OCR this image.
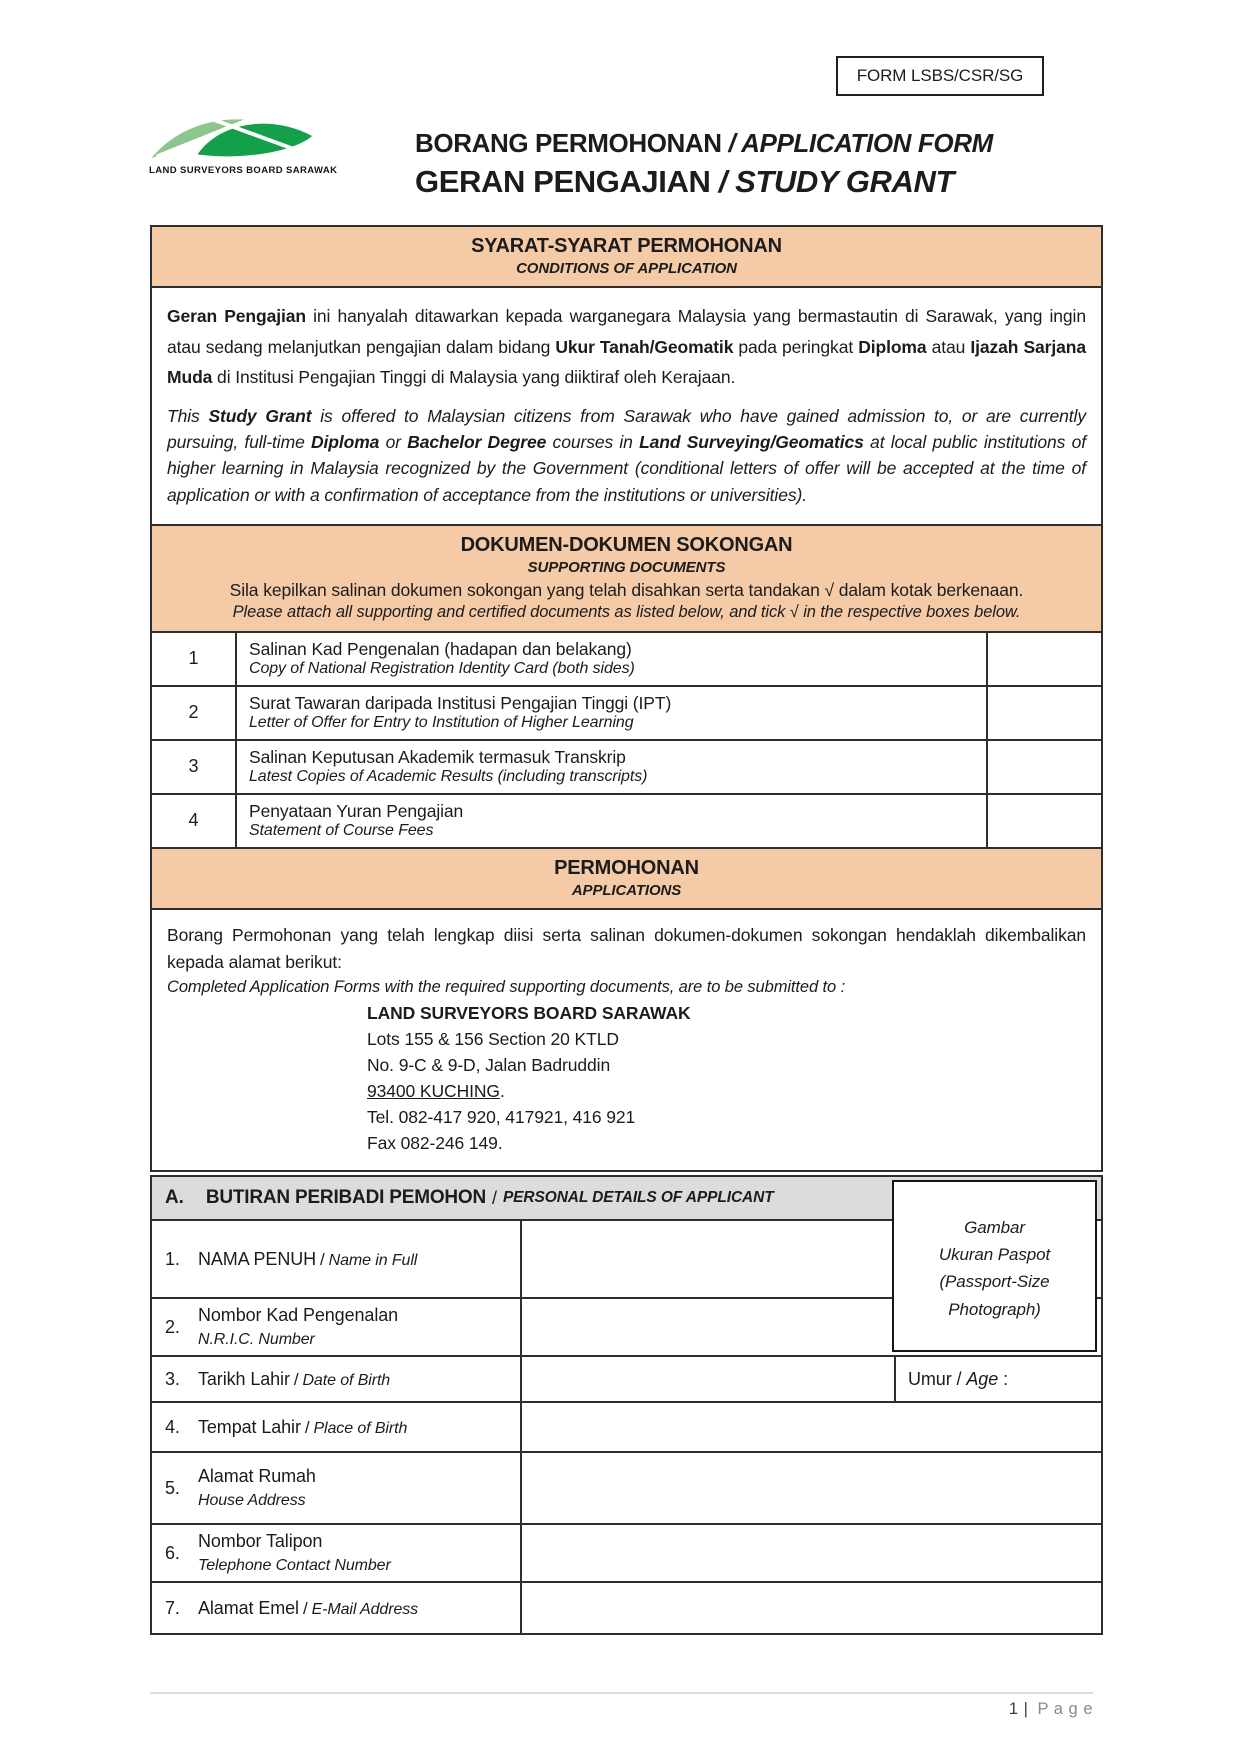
FORM LSBS/CSR/SG
LAND SURVEYORS BOARD SARAWAK
BORANG PERMOHONAN / APPLICATION FORM
GERAN PENGAJIAN / STUDY GRANT
SYARAT-SYARAT PERMOHONAN
CONDITIONS OF APPLICATION

Geran Pengajian ini hanyalah ditawarkan kepada warganegara Malaysia yang bermastautin di Sarawak, yang ingin atau sedang melanjutkan pengajian dalam bidang Ukur Tanah/Geomatik pada peringkat Diploma atau Ijazah Sarjana Muda di Institusi Pengajian Tinggi di Malaysia yang diiktiraf oleh Kerajaan.

This Study Grant is offered to Malaysian citizens from Sarawak who have gained admission to, or are currently pursuing, full-time Diploma or Bachelor Degree courses in Land Surveying/Geomatics at local public institutions of higher learning in Malaysia recognized by the Government (conditional letters of offer will be accepted at the time of application or with a confirmation of acceptance from the institutions or universities).

DOKUMEN-DOKUMEN SOKONGAN
SUPPORTING DOCUMENTS
Sila kepilkan salinan dokumen sokongan yang telah disahkan serta tandakan √ dalam kotak berkenaan.
Please attach all supporting and certified documents as listed below, and tick √ in the respective boxes below.
1	Salinan Kad Pengenalan (hadapan dan belakang)
Copy of National Registration Identity Card (both sides)
2	Surat Tawaran daripada Institusi Pengajian Tinggi (IPT)
Letter of Offer for Entry to Institution of Higher Learning
3	Salinan Keputusan Akademik termasuk Transkrip
Latest Copies of Academic Results (including transcripts)
4	Penyataan Yuran Pengajian
Statement of Course Fees
PERMOHONAN
APPLICATIONS

Borang Permohonan yang telah lengkap diisi serta salinan dokumen-dokumen sokongan hendaklah dikembalikan kepada alamat berikut:

Completed Application Forms with the required supporting documents, are to be submitted to :

LAND SURVEYORS BOARD SARAWAK
Lots 155 & 156 Section 20 KTLD
No. 9-C & 9-D, Jalan Badruddin
93400 KUCHING.
Tel. 082-417 920, 417921, 416 921
Fax 082-246 149.
A. BUTIRAN PERIBADI PEMOHON / PERSONAL DETAILS OF APPLICANT
1.	NAMA PENUH / Name in Full
2.
Nombor Kad Pengenalan
N.R.I.C. Number
3.	Tarikh Lahir / Date of Birth	Umur / Age :
4.	Tempat Lahir / Place of Birth
5.
Alamat Rumah
House Address
6.
Nombor Talipon
Telephone Contact Number
7.	Alamat Emel / E-Mail Address
Gambar
Ukuran Paspot
(Passport-Size
Photograph)
1 | P a g e
